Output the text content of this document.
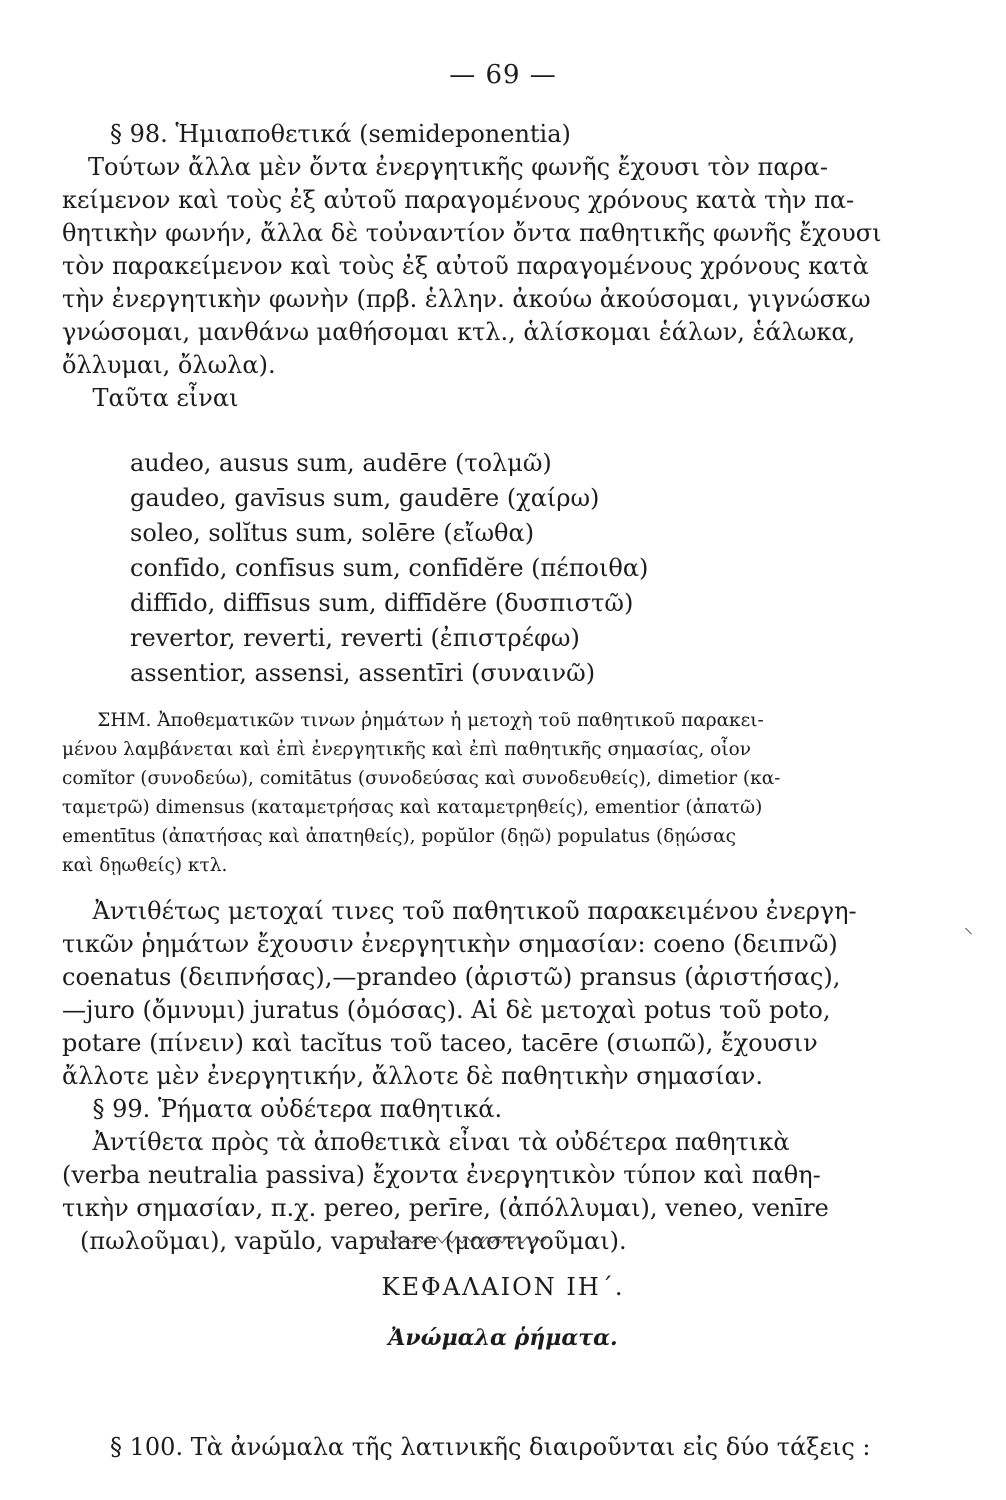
— 69 —
§ 98. Ἡμιαποθετικά (semideponentia)
Τούτων ἄλλα μὲν ὄντα ἐνεργητικῆς φωνῆς ἔχουσι τὸν παρα-
κείμενον καὶ τοὺς ἐξ αὐτοῦ παραγομένους χρόνους κατὰ τὴν πα-
θητικὴν φωνήν, ἄλλα δὲ τοὐναντίον ὄντα παθητικῆς φωνῆς ἔχουσι
τὸν παρακείμενον καὶ τοὺς ἐξ αὐτοῦ παραγομένους χρόνους κατὰ
τὴν ἐνεργητικὴν φωνὴν (πρβ. ἑλλην. ἀκούω ἀκούσομαι, γιγνώσκω
γνώσομαι, μανθάνω μαθήσομαι κτλ., ἁλίσκομαι ἑάλων, ἑάλωκα,
ὄλλυμαι, ὄλωλα).
Ταῦτα εἶναι
audeo, ausus sum, audēre (τολμῶ)
gaudeo, gavīsus sum, gaudēre (χαίρω)
soleo, solĭtus sum, solēre (εἴωθα)
confīdo, confīsus sum, confīdĕre (πέποιθα)
diffīdo, diffīsus sum, diffīdĕre (δυσπιστῶ)
revertor, reverti, reverti (ἐπιστρέφω)
assentior, assensi, assentīri (συναινῶ)
ΣΗΜ. Ἀποθεματικῶν τινων ῥημάτων ἡ μετοχὴ τοῦ παθητικοῦ παρακει-
μένου λαμβάνεται καὶ ἐπὶ ἐνεργητικῆς καὶ ἐπὶ παθητικῆς σημασίας, οἷον
comĭtor (συνοδεύω), comitātus (συνοδεύσας καὶ συνοδευθείς), dimetior (κα-
ταμετρῶ) dimensus (καταμετρήσας καὶ καταμετρηθείς), ementior (ἀπατῶ)
ementītus (ἀπατήσας καὶ ἀπατηθείς), popŭlor (δῃῶ) populatus (δῃώσας
καὶ δῃωθείς) κτλ.
Ἀντιθέτως μετοχαί τινες τοῦ παθητικοῦ παρακειμένου ἐνεργη-
τικῶν ῥημάτων ἔχουσιν ἐνεργητικὴν σημασίαν: coeno (δειπνῶ)
coenatus (δειπνήσας),—prandeo (ἀριστῶ) pransus (ἀριστήσας),
—juro (ὄμνυμι) juratus (ὀμόσας). Αἱ δὲ μετοχαὶ potus τοῦ poto,
potare (πίνειν) καὶ tacĭtus τοῦ taceo, tacēre (σιωπῶ), ἔχουσιν
ἄλλοτε μὲν ἐνεργητικήν, ἄλλοτε δὲ παθητικὴν σημασίαν.
§ 99. Ῥήματα οὐδέτερα παθητικά.
Ἀντίθετα πρὸς τὰ ἀποθετικὰ εἶναι τὰ οὐδέτερα παθητικὰ
(verba neutralia passiva) ἔχοντα ἐνεργητικὸν τύπον καὶ παθη-
τικὴν σημασίαν, π.χ. pereo, perīre, (ἀπόλλυμαι), veneo, venīre
(πωλοῦμαι), vapŭlo, vapulare (μαστιγοῦμαι).
ΚΕΦΑΛΑΙΟΝ ΙΗ΄.
Ἀνώμαλα ῥήματα.
§ 100. Τὰ ἀνώμαλα τῆς λατινικῆς διαιροῦνται εἰς δύο τάξεις :
⸜
